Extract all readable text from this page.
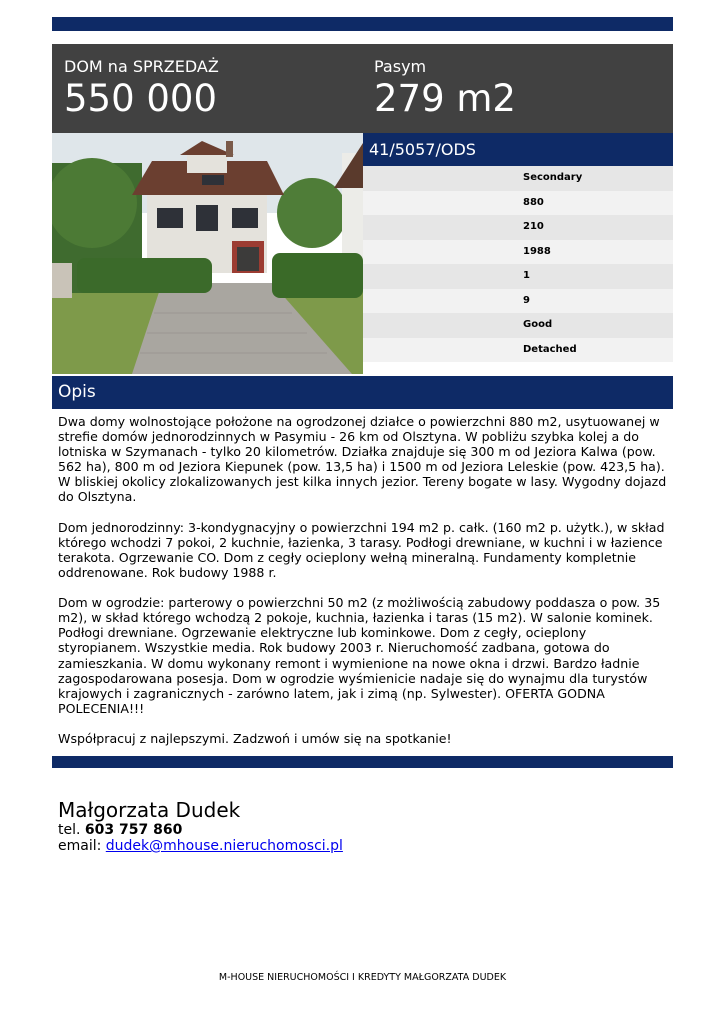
DOM na SPRZEDAŻ
550 000
Pasym
279 m2
41/5057/ODS
Secondary
880
210
1988
1
9
Good
Detached
Opis

Dwa domy wolnostojące położone na ogrodzonej działce o powierzchni 880 m2, usytuowanej w strefie domów jednorodzinnych w Pasymiu - 26 km od Olsztyna. W pobliżu szybka kolej a do lotniska w Szymanach - tylko 20 kilometrów. Działka znajduje się 300 m od Jeziora Kalwa (pow. 562 ha), 800 m od Jeziora Kiepunek (pow. 13,5 ha) i 1500 m od Jeziora Leleskie (pow. 423,5 ha). W bliskiej okolicy zlokalizowanych jest kilka innych jezior. Tereny bogate w lasy. Wygodny dojazd do Olsztyna.

Dom jednorodzinny: 3-kondygnacyjny o powierzchni 194 m2 p. całk. (160 m2 p. użytk.), w skład którego wchodzi 7 pokoi, 2 kuchnie, łazienka, 3 tarasy. Podłogi drewniane, w kuchni i w łazience terakota. Ogrzewanie CO. Dom z cegły ocieplony wełną mineralną. Fundamenty kompletnie oddrenowane. Rok budowy 1988 r.

Dom w ogrodzie: parterowy o powierzchni 50 m2 (z możliwością zabudowy poddasza o pow. 35 m2), w skład którego wchodzą 2 pokoje, kuchnia, łazienka i taras (15 m2). W salonie kominek. Podłogi drewniane. Ogrzewanie elektryczne lub kominkowe. Dom z cegły, ocieplony styropianem. Wszystkie media. Rok budowy 2003 r. Nieruchomość zadbana, gotowa do zamieszkania. W domu wykonany remont i wymienione na nowe okna i drzwi. Bardzo ładnie zagospodarowana posesja. Dom w ogrodzie wyśmienicie nadaje się do wynajmu dla turystów krajowych i zagranicznych - zarówno latem, jak i zimą (np. Sylwester). OFERTA GODNA POLECENIA!!!

Współpracuj z najlepszymi. Zadzwoń i umów się na spotkanie!

Małgorzata Dudek
tel. 603 757 860
email: dudek@mhouse.nieruchomosci.pl
M-HOUSE NIERUCHOMOŚCI I KREDYTY MAŁGORZATA DUDEK
